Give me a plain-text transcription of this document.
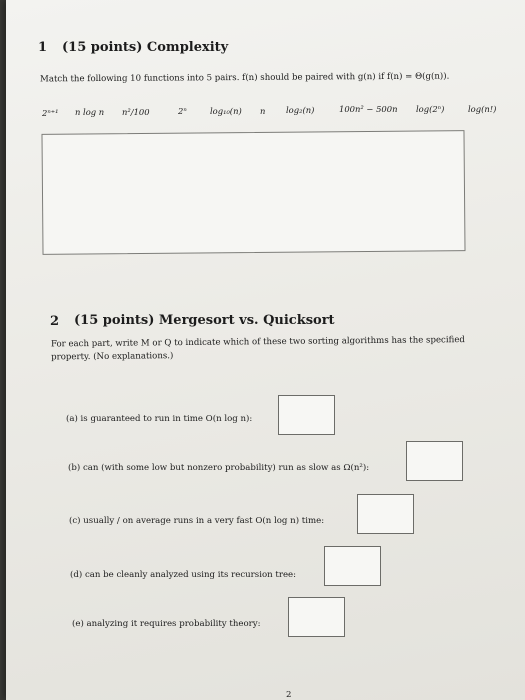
1 (15 points) Complexity
Match the following 10 functions into 5 pairs. f(n) should be paired with g(n) if f(n) = Θ(g(n)).
2ⁿ⁺¹ n log n n²/100	2ⁿ	log₁₀(n) n log₂(n)	100n² − 500n log(2ⁿ)	log(n!)
2 (15 points) Mergesort vs. Quicksort
For each part, write M or Q to indicate which of these two sorting algorithms has the specified
property. (No explanations.)
(a) is guaranteed to run in time O(n log n):
(b) can (with some low but nonzero probability) run as slow as Ω(n²):
(c) usually / on average runs in a very fast O(n log n) time:
(d) can be cleanly analyzed using its recursion tree:
(e) analyzing it requires probability theory:
2
